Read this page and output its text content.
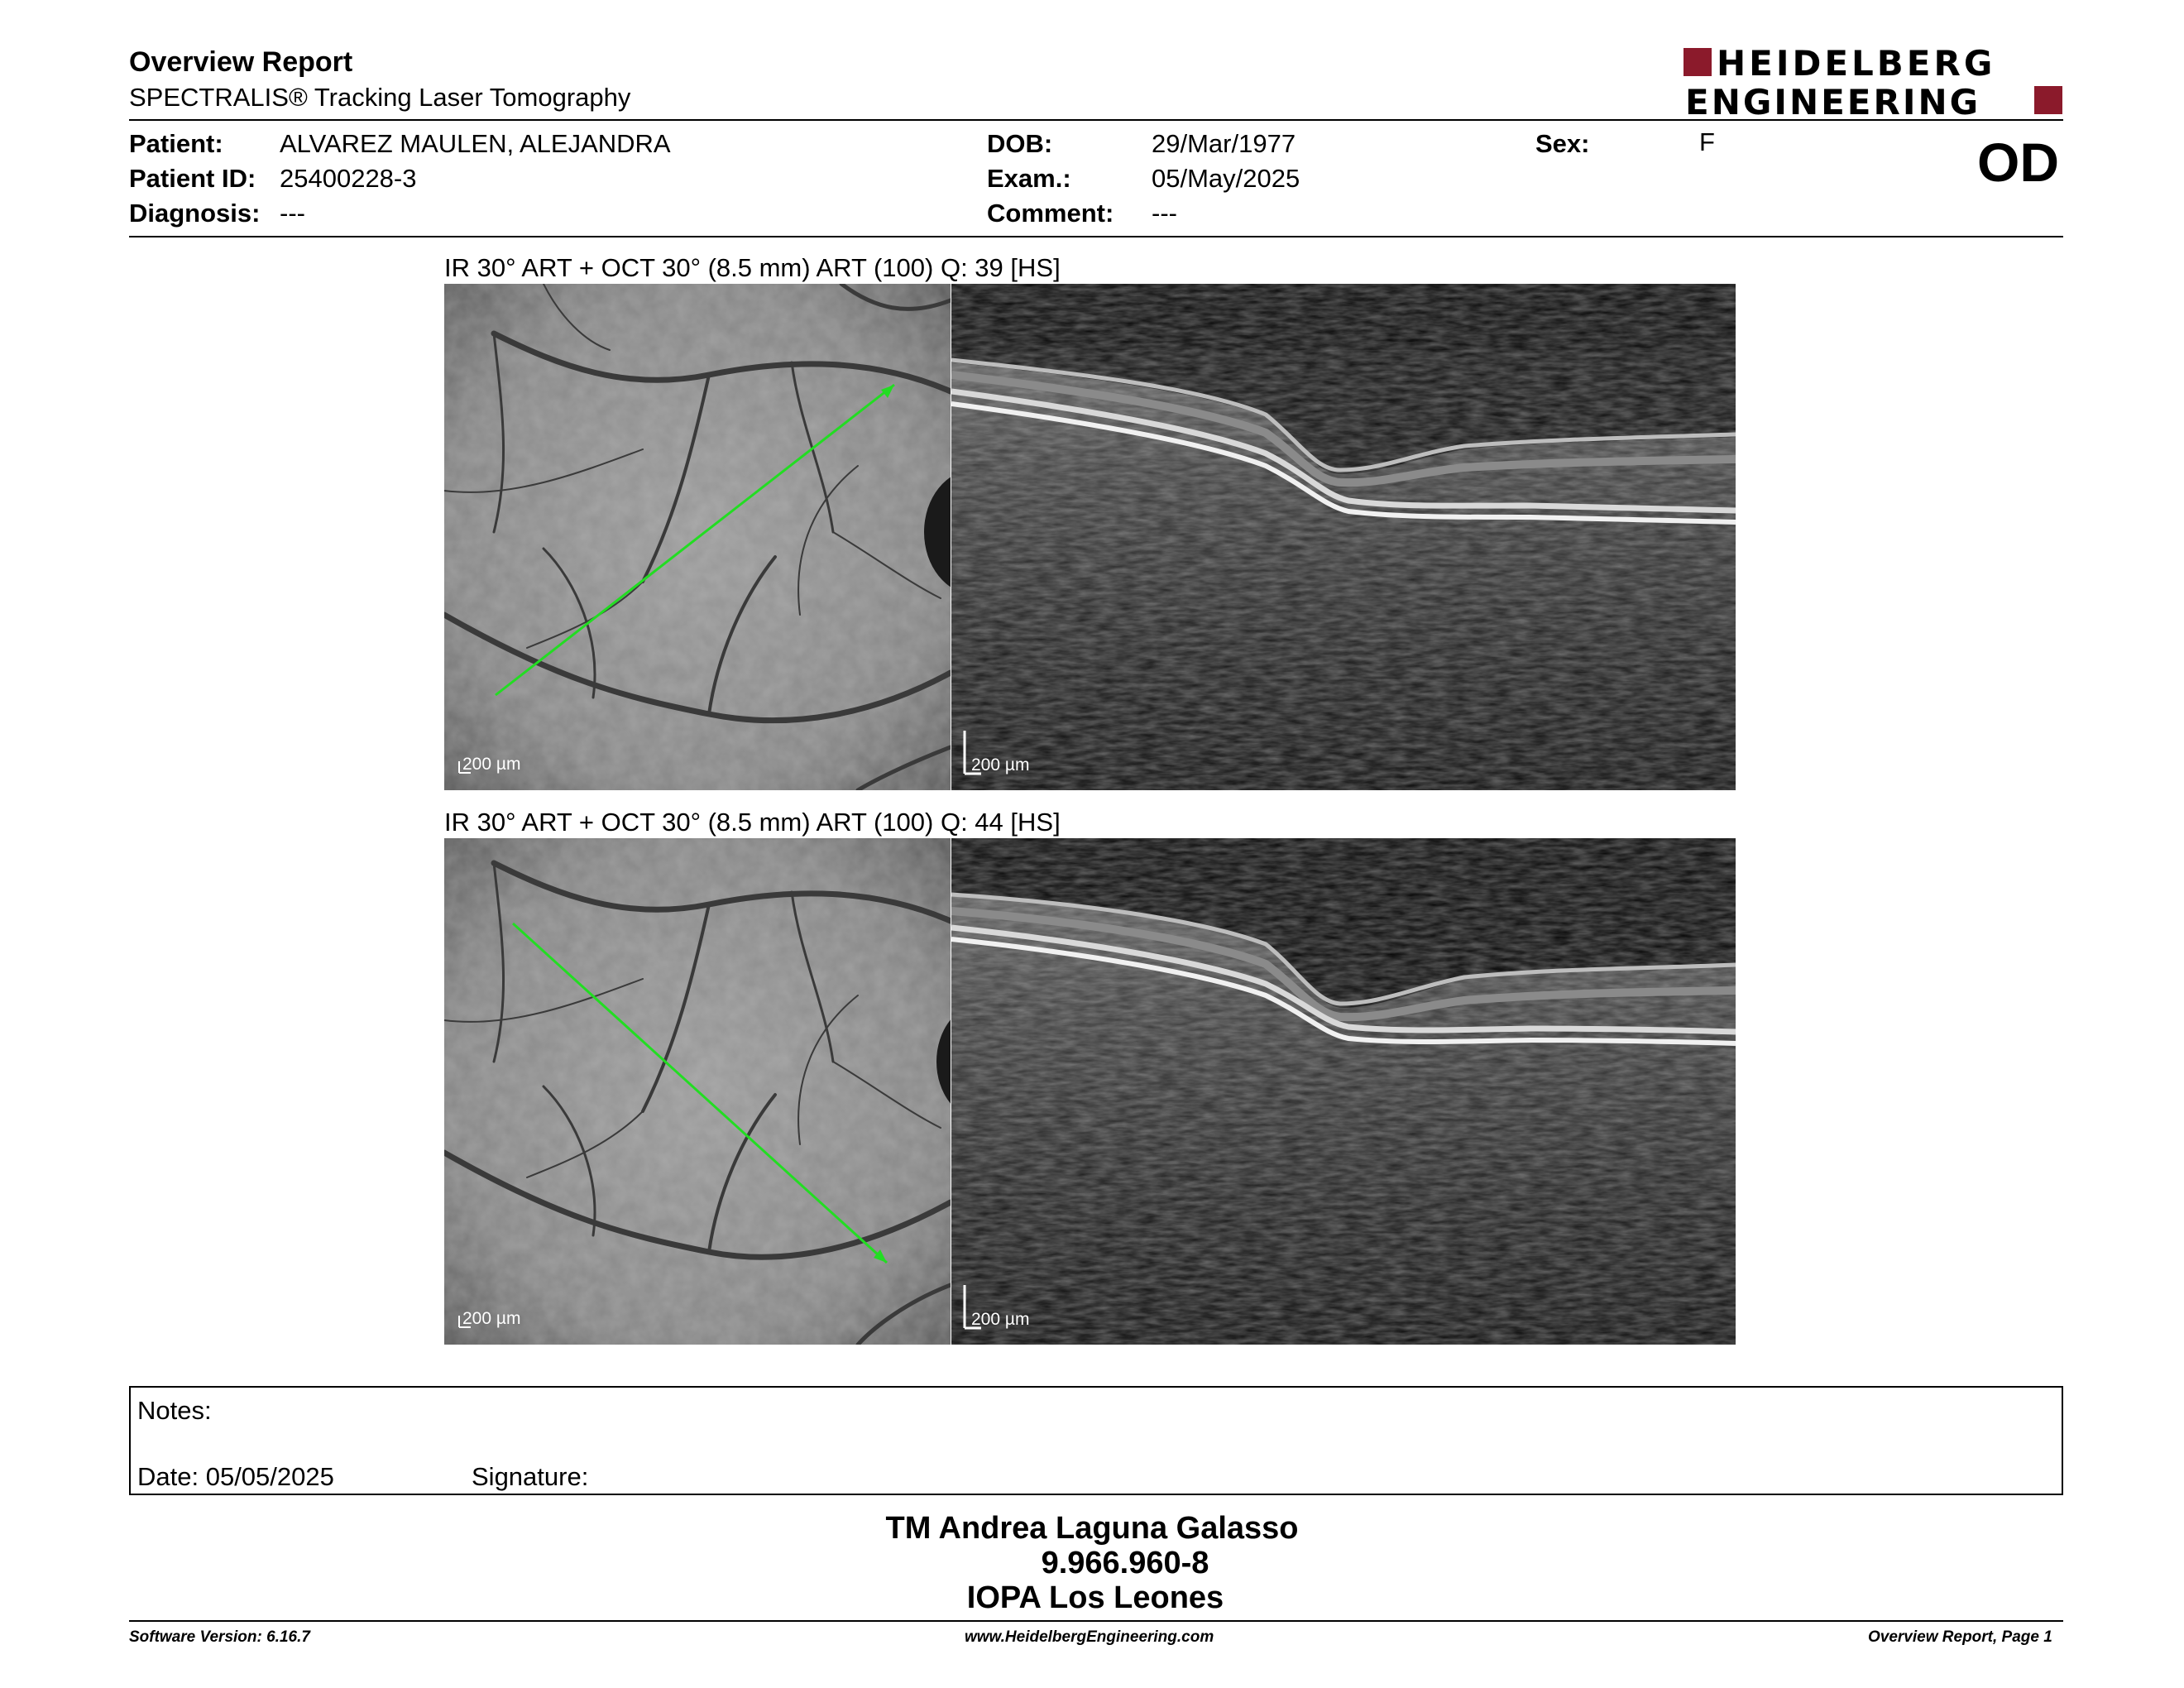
Overview Report
SPECTRALIS® Tracking Laser Tomography
HEIDELBERG
ENGINEERING
Patient: ALVAREZ MAULEN, ALEJANDRA
Patient ID: 25400228-3
Diagnosis: ---
DOB:	29/Mar/1977
Exam.:	05/May/2025
Comment: ---
Sex:	F	OD
IR 30° ART + OCT 30° (8.5 mm) ART (100) Q: 39 [HS]
200 µm	200 µm
IR 30° ART + OCT 30° (8.5 mm) ART (100) Q: 44 [HS]
200 µm	200 µm
Notes:
Date: 05/05/2025	Signature:
TM Andrea Laguna Galasso
9.966.960-8
IOPA Los Leones
Software Version: 6.16.7	www.HeidelbergEngineering.com	Overview Report, Page 1
